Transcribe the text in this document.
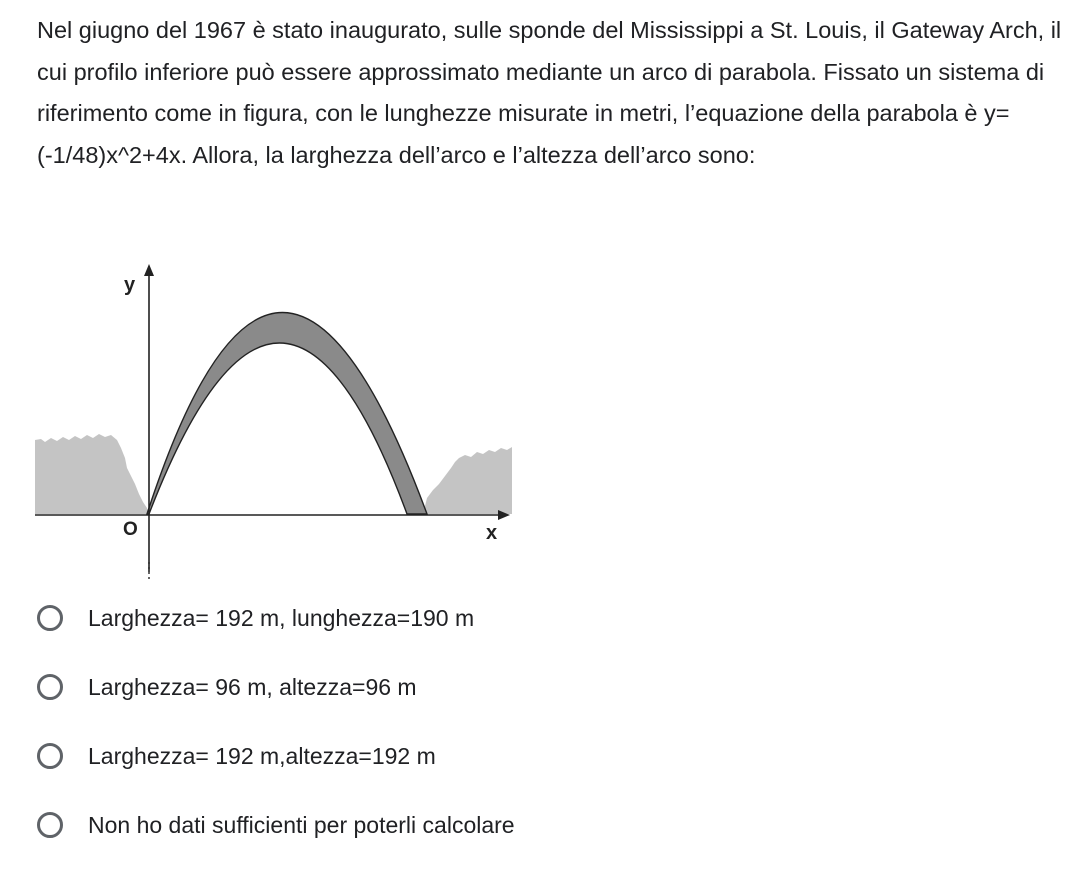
Nel giugno del 1967 è stato inaugurato, sulle sponde del Mississippi a St. Louis, il Gateway Arch, il cui profilo inferiore può essere approssimato mediante un arco di parabola. Fissato un sistema di riferimento come in figura, con le lunghezze misurate in metri, l’equazione della parabola è y=(-1/48)x^2+4x. Allora, la larghezza dell’arco e l’altezza dell’arco sono:

y
x
O
Larghezza= 192 m, lunghezza=190 m
Larghezza= 96 m, altezza=96 m
Larghezza= 192 m,altezza=192 m
Non ho dati sufficienti per poterli calcolare
